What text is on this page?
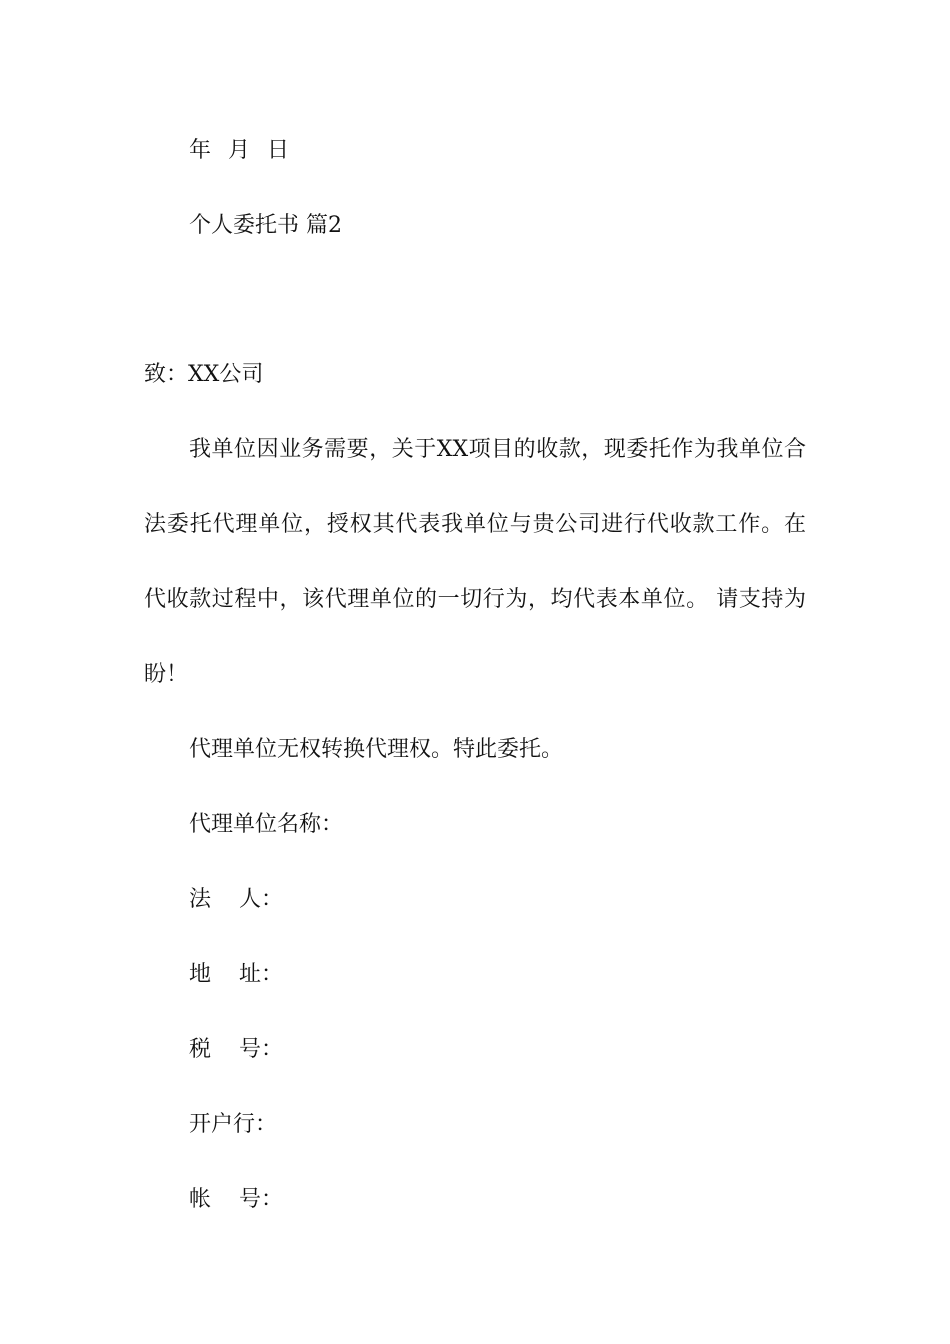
年 月 日
个人委托书 篇2
致：XX公司
我单位因业务需要，关于XX项目的收款，现委托作为我单位合
法委托代理单位，授权其代表我单位与贵公司进行代收款工作。在
代收款过程中，该代理单位的一切行为，均代表本单位。 请支持为
盼！
代理单位无权转换代理权。特此委托。
代理单位名称：
法    人：
地    址：
税    号：
开户行：
帐    号：
